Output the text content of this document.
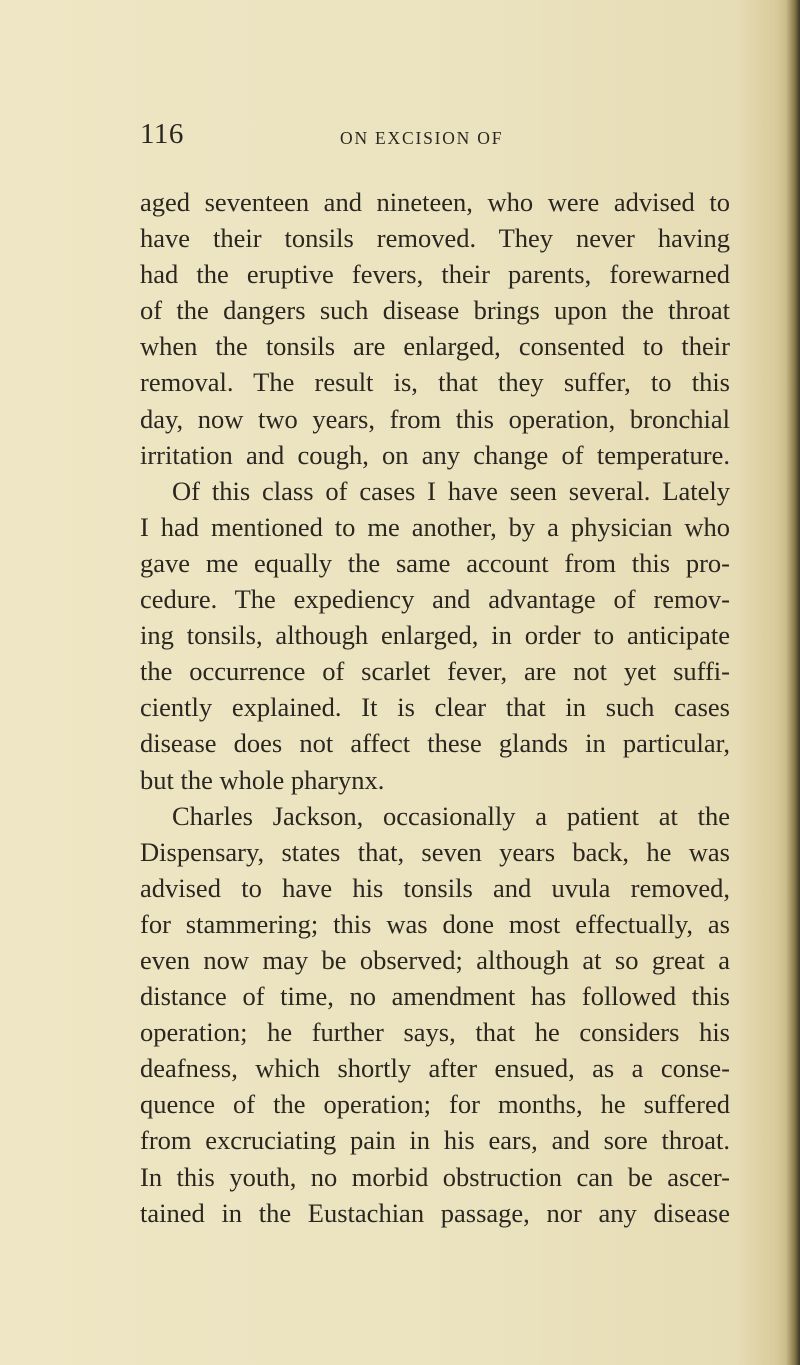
116	ON EXCISION OF
aged seventeen and nineteen, who were advised to
have their tonsils removed. They never having
had the eruptive fevers, their parents, forewarned
of the dangers such disease brings upon the throat
when the tonsils are enlarged, consented to their
removal. The result is, that they suffer, to this
day, now two years, from this operation, bronchial
irritation and cough, on any change of temperature.
Of this class of cases I have seen several. Lately
I had mentioned to me another, by a physician who
gave me equally the same account from this pro-
cedure. The expediency and advantage of remov-
ing tonsils, although enlarged, in order to anticipate
the occurrence of scarlet fever, are not yet suffi-
ciently explained. It is clear that in such cases
disease does not affect these glands in particular,
but the whole pharynx.
Charles Jackson, occasionally a patient at the
Dispensary, states that, seven years back, he was
advised to have his tonsils and uvula removed,
for stammering; this was done most effectually, as
even now may be observed; although at so great a
distance of time, no amendment has followed this
operation; he further says, that he considers his
deafness, which shortly after ensued, as a conse-
quence of the operation; for months, he suffered
from excruciating pain in his ears, and sore throat.
In this youth, no morbid obstruction can be ascer-
tained in the Eustachian passage, nor any disease
